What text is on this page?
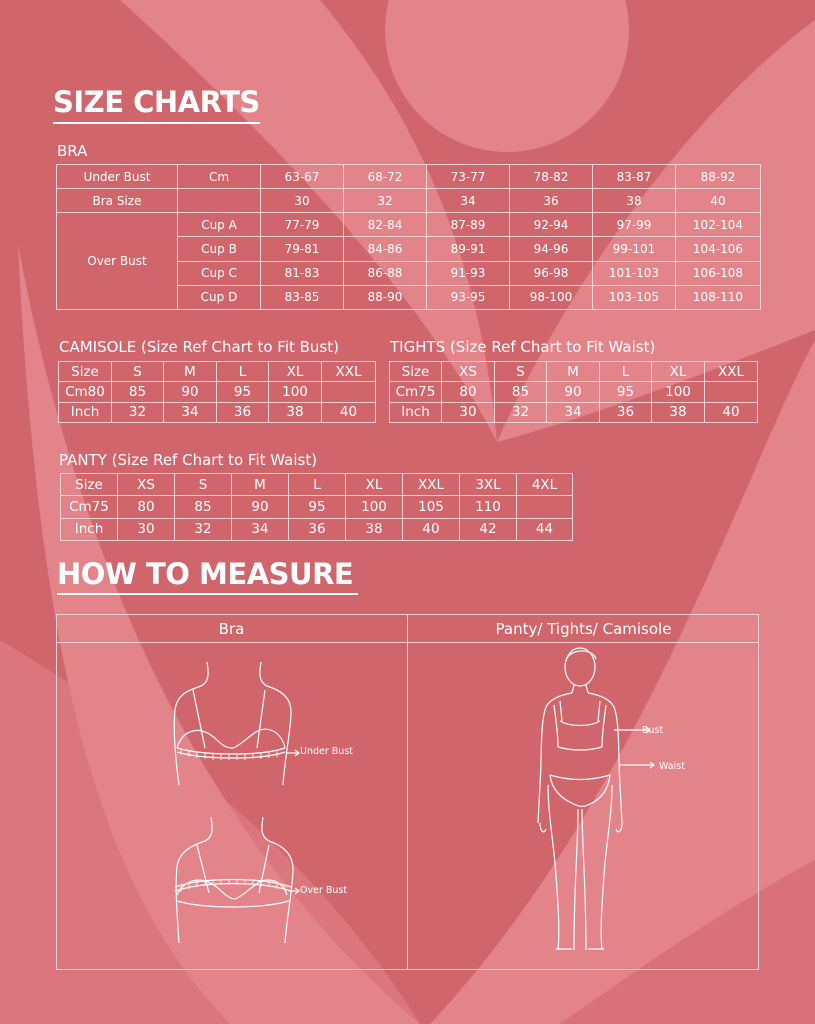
SIZE CHARTS
BRA
Under Bust	Cm	63-67	68-72	73-77	78-82	83-87	88-92
Bra Size		30	32	34	36	38	40
Over Bust	Cup A	77-79	82-84	87-89	92-94	97-99	102-104
	Cup B	79-81	84-86	89-91	94-96	99-101	104-106
	Cup C	81-83	86-88	91-93	96-98	101-103	106-108
	Cup D	83-85	88-90	93-95	98-100	103-105	108-110
CAMISOLE (Size Ref Chart to Fit Bust)
Size	S	M	L	XL	XXL
Cm80	85	90	95	100	
Inch	32	34	36	38	40
TIGHTS (Size Ref Chart to Fit Waist)
Size	XS	S	M	L	XL	XXL
Cm75	80	85	90	95	100	
Inch	30	32	34	36	38	40
PANTY (Size Ref Chart to Fit Waist)
Size	XS	S	M	L	XL	XXL	3XL	4XL
Cm75	80	85	90	95	100	105	110	
Inch	30	32	34	36	38	40	42	44
HOW TO MEASURE
Bra	Panty/ Tights/ Camisole
Under Bust
Over Bust
Bust
Waist
